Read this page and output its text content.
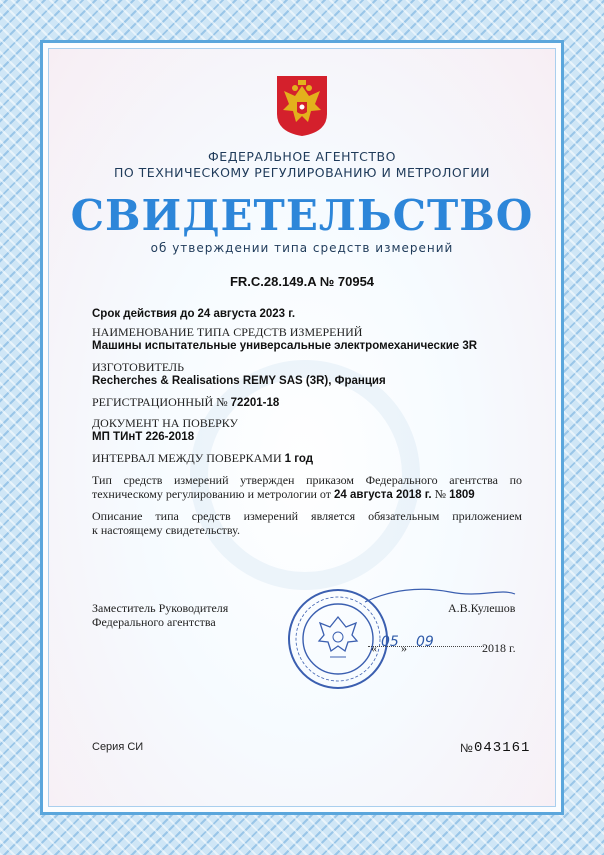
ФЕДЕРАЛЬНОЕ АГЕНТСТВО
ПО ТЕХНИЧЕСКОМУ РЕГУЛИРОВАНИЮ И МЕТРОЛОГИИ
СВИДЕТЕЛЬСТВО
об утверждении типа средств измерений
FR.C.28.149.A № 70954
Срок действия до 24 августа 2023 г.
НАИМЕНОВАНИЕ ТИПА СРЕДСТВ ИЗМЕРЕНИЙ
Машины испытательные универсальные электромеханические 3R
ИЗГОТОВИТЕЛЬ
Recherches & Realisations REMY SAS (3R), Франция
РЕГИСТРАЦИОННЫЙ № 72201-18
ДОКУМЕНТ НА ПОВЕРКУ
МП ТИнТ 226-2018
ИНТЕРВАЛ МЕЖДУ ПОВЕРКАМИ 1 год
Тип средств измерений утвержден приказом Федерального агентства по
техническому регулированию и метрологии от 24 августа 2018 г. № 1809
Описание типа средств измерений является обязательным приложением
к настоящему свидетельству.
Заместитель Руководителя
Федерального агентства
А.В.Кулешов
« 05 » 09	2018 г.
Серия СИ	№ 043161
